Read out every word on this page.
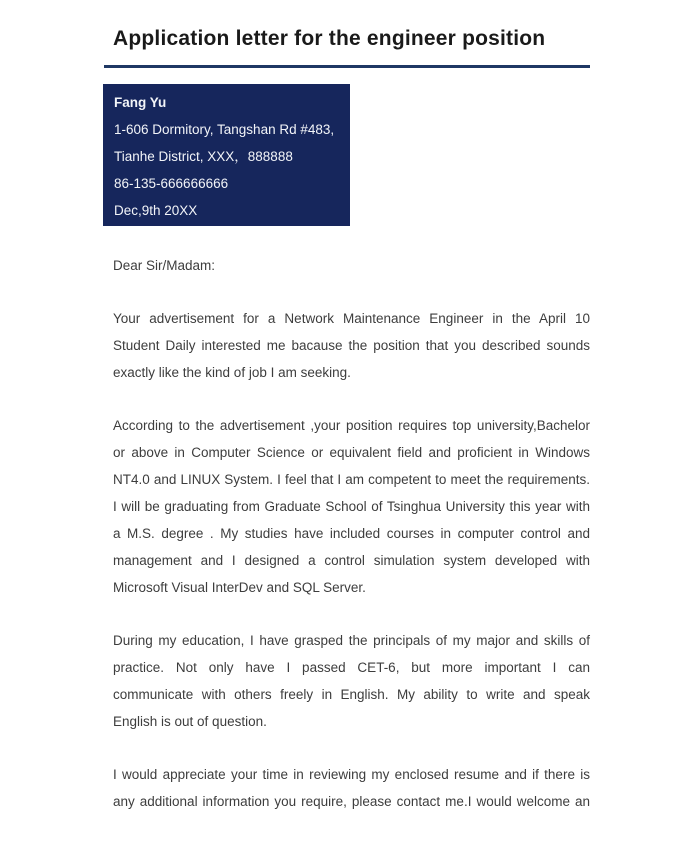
Application letter for the engineer position
Fang Yu
1-606 Dormitory, Tangshan Rd #483,
Tianhe District, XXX，888888
86-135-666666666
Dec,9th 20XX
Dear Sir/Madam:
Your advertisement for a Network Maintenance Engineer in the April 10
Student Daily interested me bacause the position that you described sounds
exactly like the kind of job I am seeking.
According to the advertisement ,your position requires top university,Bachelor
or above in Computer Science or equivalent field and proficient in Windows
NT4.0 and LINUX System. I feel that I am competent to meet the requirements.
I will be graduating from Graduate School of Tsinghua University this year with
a M.S. degree . My studies have included courses in computer control and
management and I designed a control simulation system developed with
Microsoft Visual InterDev and SQL Server.
During my education, I have grasped the principals of my major and skills of
practice. Not only have I passed CET-6, but more important I can
communicate with others freely in English. My ability to write and speak
English is out of question.
I would appreciate your time in reviewing my enclosed resume and if there is
any additional information you require, please contact me.I would welcome an
